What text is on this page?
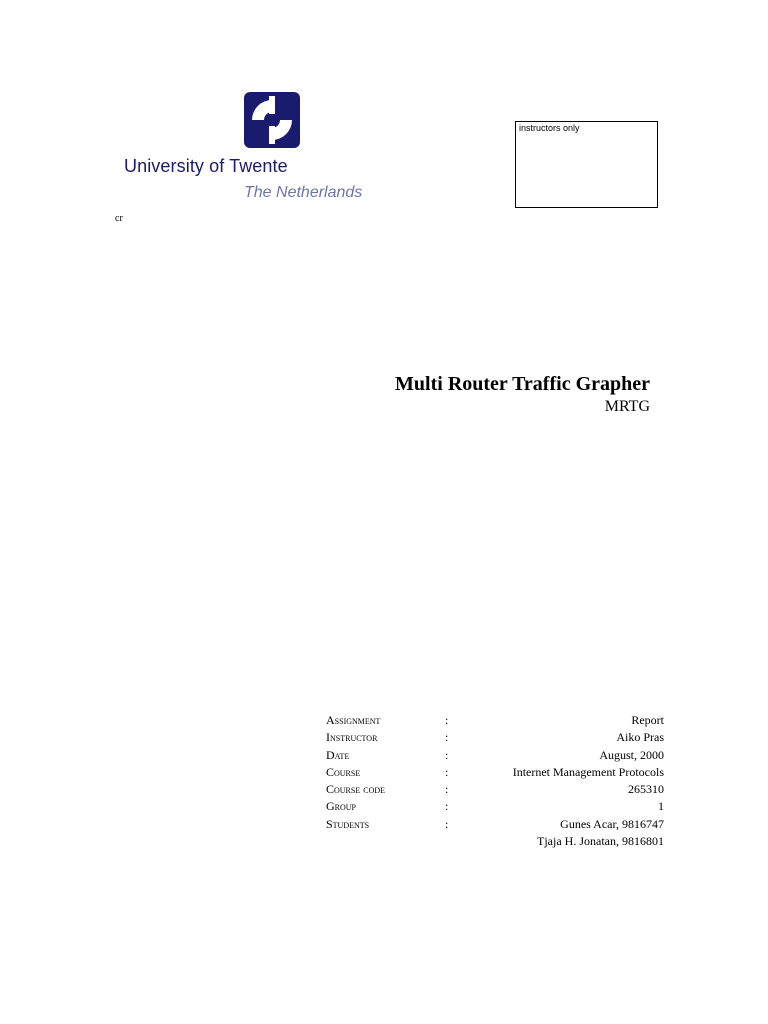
University of Twente
The Netherlands
instructors only
cr
Multi Router Traffic Grapher
MRTG
Assignment	:	Report
Instructor	:	Aiko Pras
Date	:	August, 2000
Course	:	Internet Management Protocols
Course code	:	265310
Group	:	1
Students	:	Gunes Acar, 9816747
		Tjaja H. Jonatan, 9816801
